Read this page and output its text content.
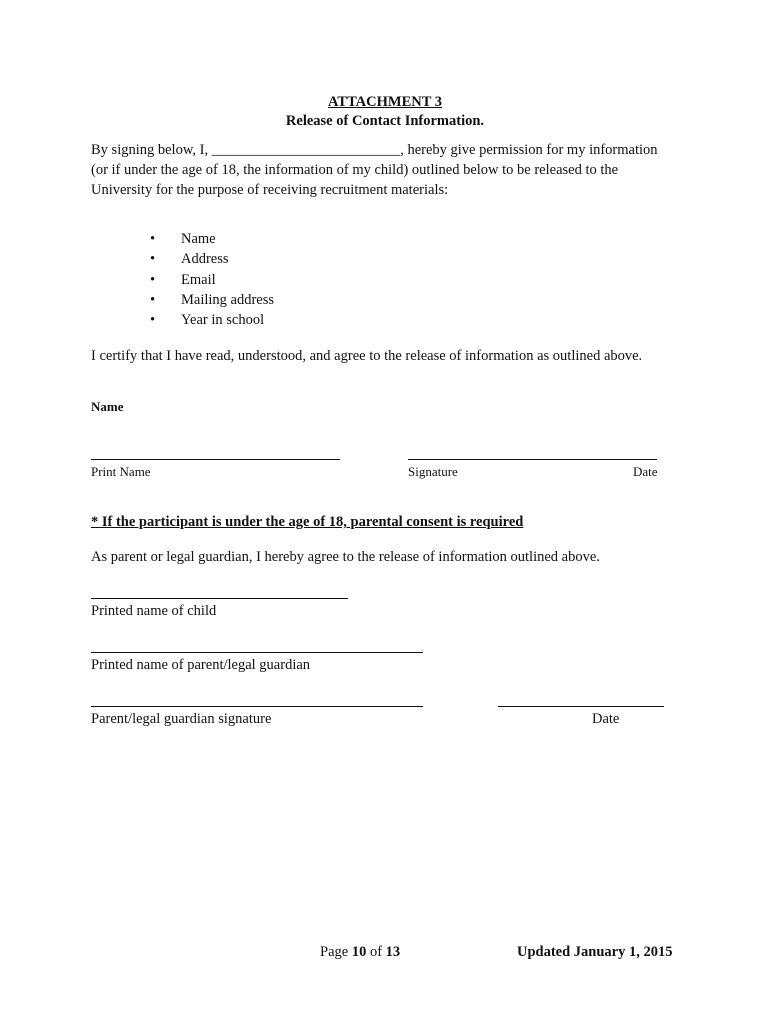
ATTACHMENT 3
Release of Contact Information.
By signing below, I, __________________________, hereby give permission for my information
(or if under the age of 18, the information of my child) outlined below to be released to the
University for the purpose of receiving recruitment materials:
• Name
• Address
• Email
• Mailing address
• Year in school
I certify that I have read, understood, and agree to the release of information as outlined above.
Name
Print Name	Signature	Date
* If the participant is under the age of 18, parental consent is required
As parent or legal guardian, I hereby agree to the release of information outlined above.
Printed name of child
Printed name of parent/legal guardian
Parent/legal guardian signature	Date
Page 10 of 13	Updated January 1, 2015
